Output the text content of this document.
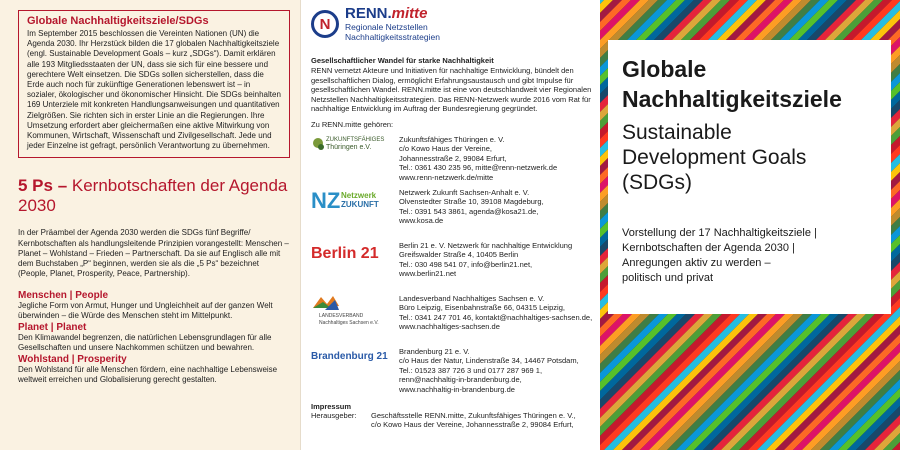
Globale Nachhaltigkeitsziele/SDGs
Im September 2015 beschlossen die Vereinten Nationen (UN) die Agenda 2030. Ihr Herzstück bilden die 17 globalen Nachhaltigkeitsziele (engl. Sustainable Development Goals – kurz „SDGs“). Damit erklären alle 193 Mitgliedsstaaten der UN, dass sie sich für eine bessere und gerechtere Welt einsetzen. Die SDGs sollen sicherstellen, dass die Erde auch noch für zukünftige Generationen lebenswert ist – in sozialer, ökologischer und ökonomischer Hinsicht. Die SDGs beinhalten 169 Unterziele mit konkreten Handlungsanweisungen und quantitativen Zielgrößen. Sie richten sich in erster Linie an die Regierungen. Ihre Umsetzung erfordert aber gleichermaßen eine aktive Mitwirkung von Kommunen, Wirtschaft, Wissenschaft und Zivilgesellschaft. Jede und jeder Einzelne ist gefragt, persönlich Verantwortung zu übernehmen.
5 Ps – Kernbotschaften der Agenda 2030
In der Präambel der Agenda 2030 werden die SDGs fünf Begriffe/ Kernbotschaften als handlungsleitende Prinzipien vorangestellt: Menschen – Planet – Wohlstand – Frieden – Partnerschaft. Da sie auf Englisch alle mit dem Buchstaben „P“ beginnen, werden sie als die „5 Ps“ bezeichnet (People, Planet, Prosperity, Peace, Partnership).
Menschen | People
Jegliche Form von Armut, Hunger und Ungleichheit auf der ganzen Welt überwinden – die Würde des Menschen steht im Mittelpunkt.
Planet | Planet
Den Klimawandel begrenzen, die natürlichen Lebensgrundlagen für alle Gesellschaften und unsere Nachkommen schützen und bewahren.
Wohlstand | Prosperity
Den Wohlstand für alle Menschen fördern, eine nachhaltige Lebensweise weltweit erreichen und Globalisierung gerecht gestalten.
N
RENN.mitte
Regionale Netzstellen
Nachhaltigkeitsstrategien
Gesellschaftlicher Wandel für starke Nachhaltigkeit
RENN vernetzt Akteure und Initiativen für nachhaltige Entwicklung, bündelt den gesellschaftlichen Dialog, ermöglicht Erfahrungsaustausch und gibt Impulse für gesellschaftlichen Wandel. RENN.mitte ist eine von deutschlandweit vier Regionalen Netzstellen Nachhaltigkeitsstrategien. Das RENN-Netzwerk wurde 2016 vom Rat für nachhaltige Entwicklung im Auftrag der Bundesregierung gegründet.
Zu RENN.mitte gehören:
ZUKUNFTSFÄHIGES
Thüringen e.V.
Zukunftsfähiges Thüringen e. V.
c/o Kowo Haus der Vereine,
Johannesstraße 2, 99084 Erfurt,
Tel.: 0361 430 235 96, mitte@renn-netzwerk.de
www.renn-netzwerk.de/mitte
NZ Netzwerk
ZUKUNFT
Netzwerk Zukunft Sachsen-Anhalt e. V.
Olvenstedter Straße 10, 39108 Magdeburg,
Tel.: 0391 543 3861, agenda@kosa21.de,
www.kosa.de
Berlin 21	Berlin 21 e. V. Netzwerk für nachhaltige Entwicklung
Greifswalder Straße 4, 10405 Berlin
Tel.: 030 498 541 07, info@berlin21.net,
www.berlin21.net
LANDESVERBAND
Nachhaltiges Sachsen e.V.
Landesverband Nachhaltiges Sachsen e. V.
Büro Leipzig, Eisenbahnstraße 66, 04315 Leipzig,
Tel.: 0341 247 701 46, kontakt@nachhaltiges-sachsen.de,
www.nachhaltiges-sachsen.de
Brandenburg 21 Brandenburg 21 e. V.
c/o Haus der Natur, Lindenstraße 34, 14467 Potsdam,
Tel.: 01523 387 726 3 und 0177 287 969 1,
renn@nachhaltig-in-brandenburg.de,
www.nachhaltig-in-brandenburg.de
Impressum
Herausgeber:	Geschäftsstelle RENN.mitte, Zukunftsfähiges Thüringen e. V.,
c/o Kowo Haus der Vereine, Johannesstraße 2, 99084 Erfurt,
Globale
Nachhaltigkeitsziele
Sustainable
Development Goals
(SDGs)
Vorstellung der 17 Nachhaltigkeitsziele |
Kernbotschaften der Agenda 2030 |
Anregungen aktiv zu werden –
politisch und privat
